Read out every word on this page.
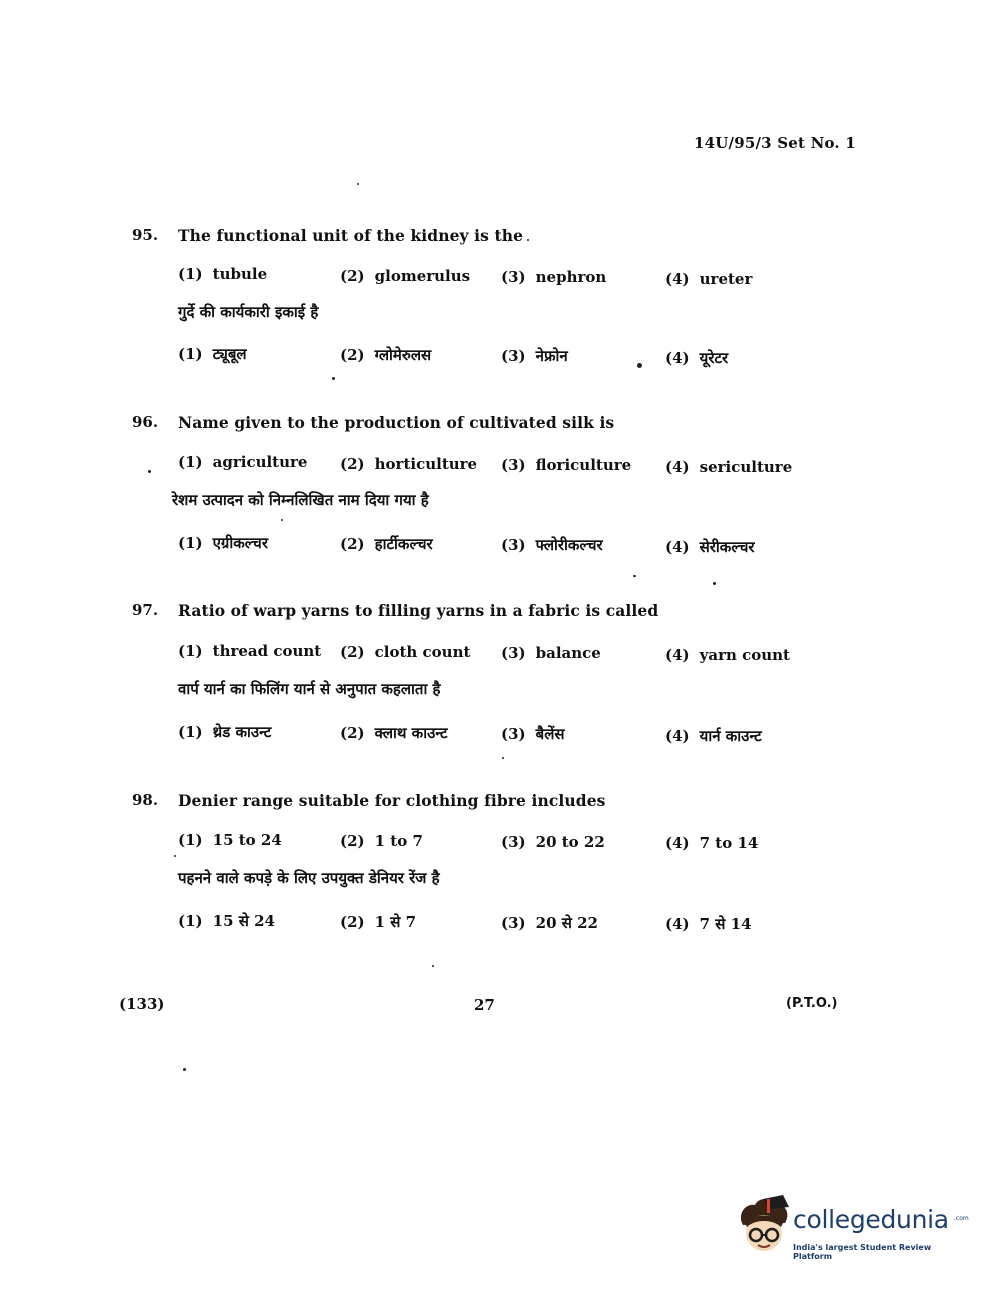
14U/95/3 Set No. 1
95. The functional unit of the kidney is the
(1) tubule	(2) glomerulus (3) nephron	(4) ureter
गुर्दे की कार्यकारी इकाई है
(1) ट्यूबूल	(2) ग्लोमेरुलस	(3) नेफ्रोन	(4) यूरेटर
96. Name given to the production of cultivated silk is
(1) agriculture (2) horticulture (3) floriculture (4) sericulture
रेशम उत्पादन को निम्नलिखित नाम दिया गया है
(1) एग्रीकल्चर	(2) हार्टीकल्चर	(3) फ्लोरीकल्चर	(4) सेरीकल्चर
97. Ratio of warp yarns to filling yarns in a fabric is called
(1) thread count (2) cloth count (3) balance	(4) yarn count
वार्प यार्न का फिलिंग यार्न से अनुपात कहलाता है
(1) थ्रेड काउन्ट	(2) क्लाथ काउन्ट	(3) बैलेंस	(4) यार्न काउन्ट
98. Denier range suitable for clothing fibre includes
(1) 15 to 24	(2) 1 to 7	(3) 20 to 22	(4) 7 to 14
पहनने वाले कपड़े के लिए उपयुक्त डेनियर रेंज है
(1) 15 से 24	(2) 1 से 7	(3) 20 से 22	(4) 7 से 14
(133)	27	(P.T.O.)
collegedunia .com
India's largest Student Review Platform
